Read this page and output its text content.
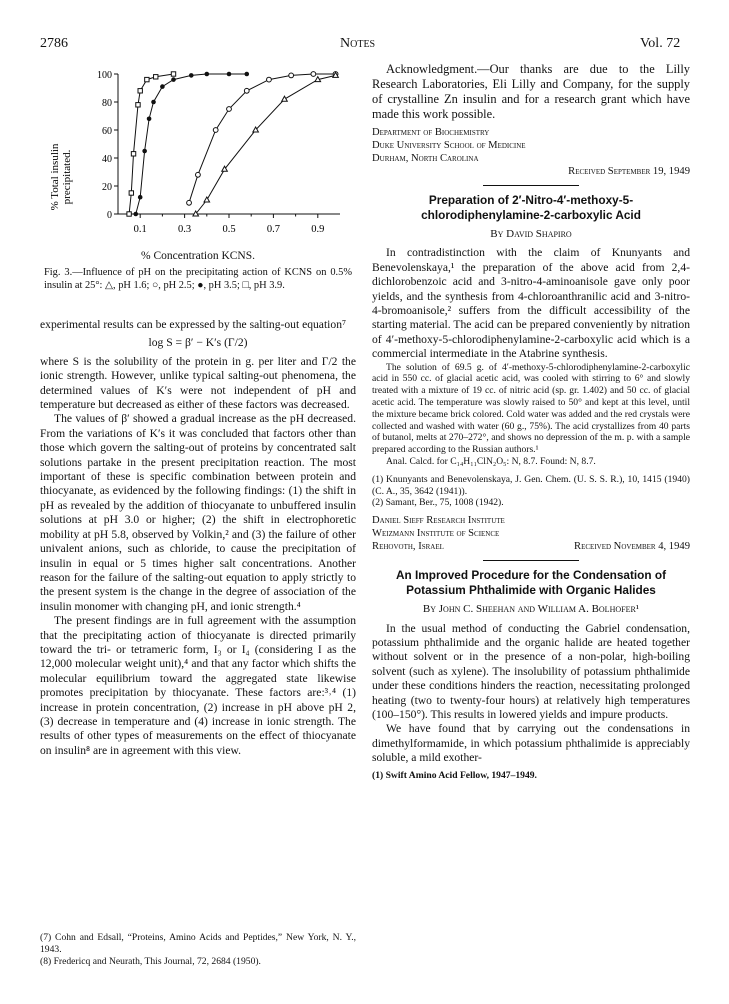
2786	Notes	Vol. 72
0
20
40
60
80
100
0.1	0.3	0.5	0.7	0.9
% Total insulin precipitated.
% Concentration KCNS.
Fig. 3.—Influence of pH on the precipitating action of KCNS on 0.5% insulin at 25°: △, pH 1.6; ○, pH 2.5; ●, pH 3.5; □, pH 3.9.

experimental results can be expressed by the salting-out equation⁷

log S = β′ − K′s (Γ/2)

where S is the solubility of the protein in g. per liter and Γ/2 the ionic strength. However, unlike typical salting-out phenomena, the determined values of K′s were not independent of pH and temperature but decreased as either of these factors was decreased.

The values of β′ showed a gradual increase as the pH decreased. From the variations of K′s it was concluded that factors other than those which govern the salting-out of proteins by concentrated salt solutions partake in the present precipitation reaction. The most important of these is specific combination between protein and thiocyanate, as evidenced by the following findings: (1) the shift in pH as revealed by the addition of thiocyanate to unbuffered insulin solutions at pH 3.0 or higher; (2) the shift in electrophoretic mobility at pH 5.8, observed by Volkin,² and (3) the failure of other univalent anions, such as chloride, to cause the precipitation of insulin in equal or 5 times higher salt concentrations. Another reason for the failure of the salting-out equation to apply strictly to the present system is the change in the degree of association of the insulin monomer with changing pH, and ionic strength.⁴

The present findings are in full agreement with the assumption that the precipitating action of thiocyanate is directed primarily toward the tri- or tetrameric form, I₃ or I₄ (considering I as the 12,000 molecular weight unit),⁴ and that any factor which shifts the molecular equilibrium toward the aggregated state likewise promotes precipitation by thiocyanate. These factors are:³˒⁴ (1) increase in protein concentration, (2) increase in pH above pH 2, (3) decrease in temperature and (4) increase in ionic strength. The results of other types of measurements on the effect of thiocyanate on insulin⁸ are in agreement with this view.

(7) Cohn and Edsall, “Proteins, Amino Acids and Peptides,” New York, N. Y., 1943.
(8) Fredericq and Neurath, This Journal, 72, 2684 (1950).

Acknowledgment.—Our thanks are due to the Lilly Research Laboratories, Eli Lilly and Company, for the supply of crystalline Zn insulin and for a research grant which have made this work possible.

Department of Biochemistry
Duke University School of Medicine
Durham, North Carolina
Received September 19, 1949
Preparation of 2′-Nitro-4′-methoxy-5-chlorodiphenylamine-2-carboxylic Acid
By David Shapiro

In contradistinction with the claim of Knunyants and Benevolenskaya,¹ the preparation of the above acid from 2,4-dichlorobenzoic acid and 3-nitro-4-aminoanisole gave only poor yields, and the synthesis from 4-chloroanthranilic acid and 3-nitro-4-bromoanisole,² suffers from the difficult accessibility of the starting material. The acid can be prepared conveniently by nitration of 4′-methoxy-5-chlorodiphenylamine-2-carboxylic acid which is a commercial intermediate in the Atabrine synthesis.

The solution of 69.5 g. of 4′-methoxy-5-chlorodiphenylamine-2-carboxylic acid in 550 cc. of glacial acetic acid, was cooled with stirring to 6° and slowly treated with a mixture of 19 cc. of nitric acid (sp. gr. 1.402) and 50 cc. of glacial acetic acid. The temperature was slowly raised to 50° and kept at this level, until the mixture became brick colored. Cold water was added and the red crystals were collected and washed with water (60 g., 75%). The acid crystallizes from 40 parts of butanol, melts at 270–272°, and shows no depression of the m. p. with a sample prepared according to the Russian authors.¹

Anal. Calcd. for C₁₄H₁₁ClN₂O₅: N, 8.7. Found: N, 8.7.

(1) Knunyants and Benevolenskaya, J. Gen. Chem. (U. S. S. R.), 10, 1415 (1940) (C. A., 35, 3642 (1941)).
(2) Samant, Ber., 75, 1008 (1942).
Daniel Sieff Research Institute
Weizmann Institute of Science
Rehovoth, Israel	Received November 4, 1949
An Improved Procedure for the Condensation of Potassium Phthalimide with Organic Halides
By John C. Sheehan and William A. Bolhofer¹

In the usual method of conducting the Gabriel condensation, potassium phthalimide and the organic halide are heated together without solvent or in the presence of a non-polar, high-boiling solvent (such as xylene). The insolubility of potassium phthalimide under these conditions hinders the reaction, necessitating prolonged heating (two to twenty-four hours) at relatively high temperatures (100–150°). This results in lowered yields and impure products.

We have found that by carrying out the condensations in dimethylformamide, in which potassium phthalimide is appreciably soluble, a mild exother-

(1) Swift Amino Acid Fellow, 1947–1949.
